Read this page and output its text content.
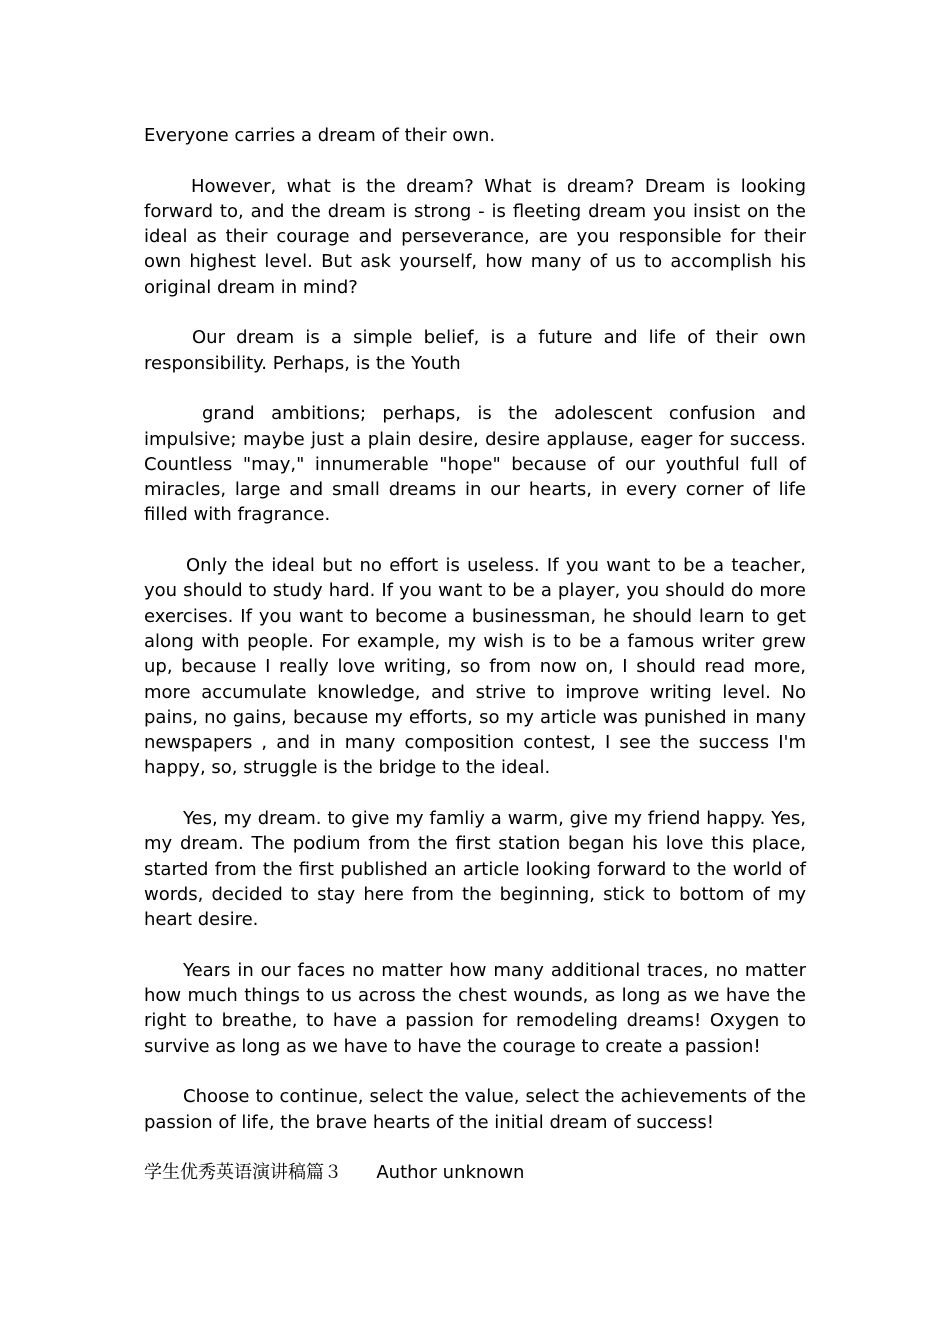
Everyone carries a dream of their own.

However, what is the dream? What is dream? Dream is looking forward to, and the dream is strong - is fleeting dream you insist on the ideal as their courage and perseverance, are you responsible for their own highest level. But ask yourself, how many of us to accomplish his original dream in mind?

Our dream is a simple belief, is a future and life of their own responsibility. Perhaps, is the Youth

grand ambitions; perhaps, is the adolescent confusion and impulsive; maybe just a plain desire, desire applause, eager for success. Countless "may," innumerable "hope" because of our youthful full of miracles, large and small dreams in our hearts, in every corner of life filled with fragrance.

Only the ideal but no effort is useless. If you want to be a teacher, you should to study hard. If you want to be a player, you should do more exercises. If you want to become a businessman, he should learn to get along with people. For example, my wish is to be a famous writer grew up, because I really love writing, so from now on, I should read more, more accumulate knowledge, and strive to improve writing level. No pains, no gains, because my efforts, so my article was punished in many newspapers , and in many composition contest, I see the success I'm happy, so, struggle is the bridge to the ideal.

Yes, my dream. to give my famliy a warm, give my friend happy. Yes, my dream. The podium from the first station began his love this place, started from the first published an article looking forward to the world of words, decided to stay here from the beginning, stick to bottom of my heart desire.

Years in our faces no matter how many additional traces, no matter how much things to us across the chest wounds, as long as we have the right to breathe, to have a passion for remodeling dreams! Oxygen to survive as long as we have to have the courage to create a passion!

Choose to continue, select the value, select the achievements of the passion of life, the brave hearts of the initial dream of success!

学生优秀英语演讲稿篇３ Author unknown
